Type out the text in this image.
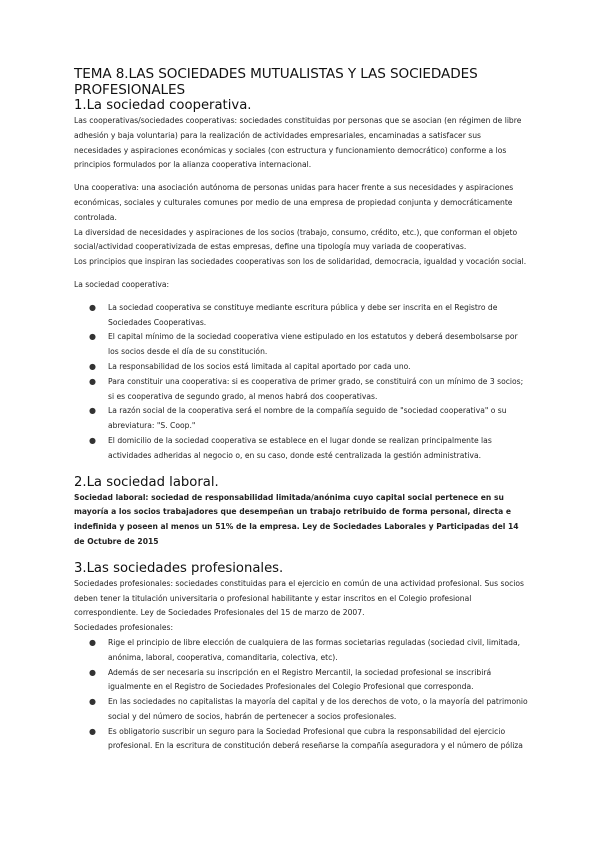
TEMA 8.LAS SOCIEDADES MUTUALISTAS Y LAS SOCIEDADES PROFESIONALES
1.La sociedad cooperativa.

Las cooperativas/sociedades cooperativas: sociedades constituidas por personas que se asocian (en régimen de libre adhesión y baja voluntaria) para la realización de actividades empresariales, encaminadas a satisfacer sus necesidades y aspiraciones económicas y sociales (con estructura y funcionamiento democrático) conforme a los principios formulados por la alianza cooperativa internacional.

Una cooperativa: una asociación autónoma de personas unidas para hacer frente a sus necesidades y aspiraciones económicas, sociales y culturales comunes por medio de una empresa de propiedad conjunta y democráticamente controlada.

La diversidad de necesidades y aspiraciones de los socios (trabajo, consumo, crédito, etc.), que conforman el objeto social/actividad cooperativizada de estas empresas, define una tipología muy variada de cooperativas.

Los principios que inspiran las sociedades cooperativas son los de solidaridad, democracia, igualdad y vocación social.

La sociedad cooperativa:

● La sociedad cooperativa se constituye mediante escritura pública y debe ser inscrita en el Registro de Sociedades Cooperativas.
● El capital mínimo de la sociedad cooperativa viene estipulado en los estatutos y deberá desembolsarse por los socios desde el día de su constitución.
● La responsabilidad de los socios está limitada al capital aportado por cada uno.
● Para constituir una cooperativa: si es cooperativa de primer grado, se constituirá con un mínimo de 3 socios; si es cooperativa de segundo grado, al menos habrá dos cooperativas.
● La razón social de la cooperativa será el nombre de la compañía seguido de "sociedad cooperativa" o su abreviatura: "S. Coop."
● El domicilio de la sociedad cooperativa se establece en el lugar donde se realizan principalmente las actividades adheridas al negocio o, en su caso, donde esté centralizada la gestión administrativa.
2.La sociedad laboral.

Sociedad laboral: sociedad de responsabilidad limitada/anónima cuyo capital social pertenece en su mayoría a los socios trabajadores que desempeñan un trabajo retribuido de forma personal, directa e indefinida y poseen al menos un 51% de la empresa. Ley de Sociedades Laborales y Participadas del 14 de Octubre de 2015

3.Las sociedades profesionales.

Sociedades profesionales: sociedades constituidas para el ejercicio en común de una actividad profesional. Sus socios deben tener la titulación universitaria o profesional habilitante y estar inscritos en el Colegio profesional correspondiente. Ley de Sociedades Profesionales del 15 de marzo de 2007.

Sociedades profesionales:

● Rige el principio de libre elección de cualquiera de las formas societarias reguladas (sociedad civil, limitada, anónima, laboral, cooperativa, comanditaria, colectiva, etc).
● Además de ser necesaria su inscripción en el Registro Mercantil, la sociedad profesional se inscribirá igualmente en el Registro de Sociedades Profesionales del Colegio Profesional que corresponda.
● En las sociedades no capitalistas la mayoría del capital y de los derechos de voto, o la mayoría del patrimonio social y del número de socios, habrán de pertenecer a socios profesionales.
● Es obligatorio suscribir un seguro para la Sociedad Profesional que cubra la responsabilidad del ejercicio profesional. En la escritura de constitución deberá reseñarse la compañía aseguradora y el número de póliza
